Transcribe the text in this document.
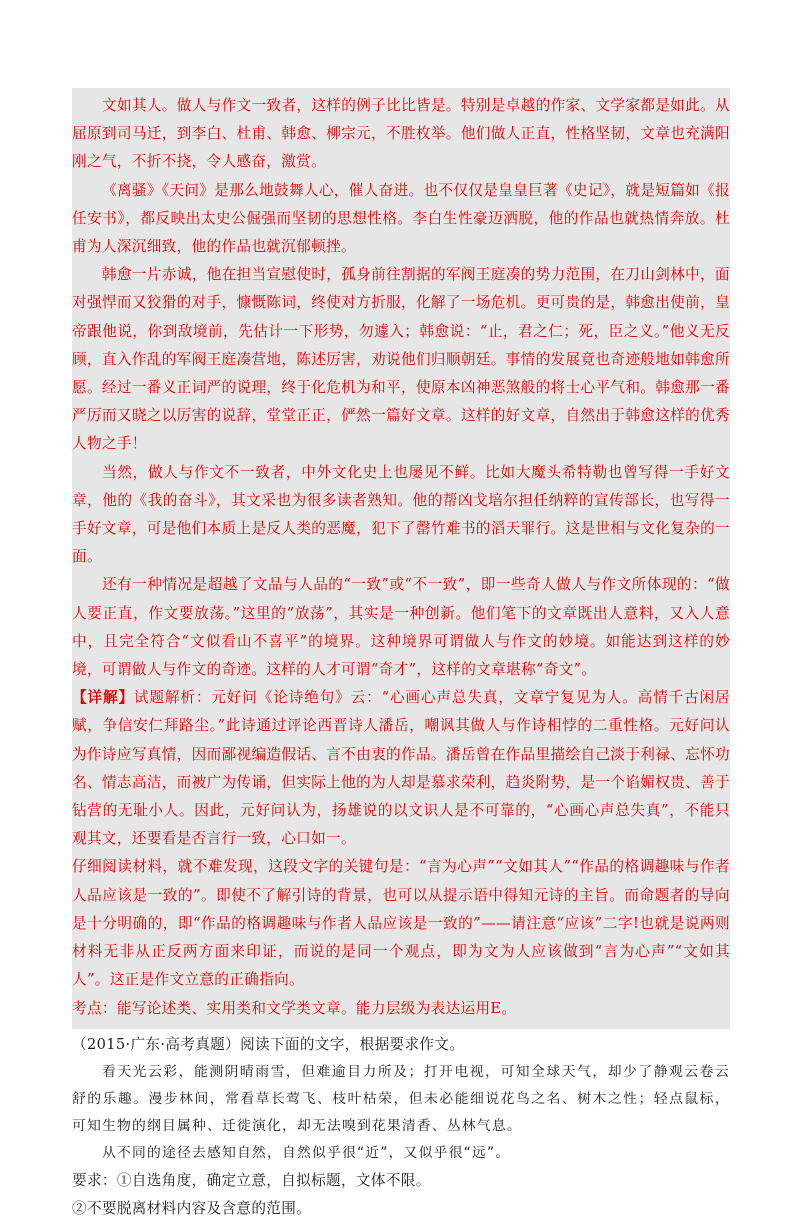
文如其人。做人与作文一致者，这样的例子比比皆是。特别是卓越的作家、文学家都是如此。从屈原到司马迁，到李白、杜甫、韩愈、柳宗元，不胜枚举。他们做人正直，性格坚韧，文章也充满阳刚之气，不折不挠，令人感奋，激赏。

《离骚》《天问》是那么地鼓舞人心，催人奋进。也不仅仅是皇皇巨著《史记》，就是短篇如《报任安书》，都反映出太史公倔强而坚韧的思想性格。李白生性豪迈洒脱，他的作品也就热情奔放。杜甫为人深沉细致，他的作品也就沉郁顿挫。

韩愈一片赤诚，他在担当宣慰使时，孤身前往割据的军阀王庭凑的势力范围，在刀山剑林中，面对强悍而又狡猾的对手，慷慨陈词，终使对方折服，化解了一场危机。更可贵的是，韩愈出使前，皇帝跟他说，你到敌境前，先估计一下形势，勿遽入；韩愈说：“止，君之仁；死，臣之义。”他义无反顾，直入作乱的军阀王庭凑营地，陈述厉害，劝说他们归顺朝廷。事情的发展竟也奇迹般地如韩愈所愿。经过一番义正词严的说理，终于化危机为和平，使原本凶神恶煞般的将士心平气和。韩愈那一番严厉而又晓之以厉害的说辞，堂堂正正，俨然一篇好文章。这样的好文章，自然出于韩愈这样的优秀人物之手！

当然，做人与作文不一致者，中外文化史上也屡见不鲜。比如大魔头希特勒也曾写得一手好文章，他的《我的奋斗》，其文采也为很多读者熟知。他的帮凶戈培尔担任纳粹的宣传部长，也写得一手好文章，可是他们本质上是反人类的恶魔，犯下了罄竹难书的滔天罪行。这是世相与文化复杂的一面。

还有一种情况是超越了文品与人品的“一致”或“不一致”，即一些奇人做人与作文所体现的：“做人要正直，作文要放荡。”这里的“放荡”，其实是一种创新。他们笔下的文章既出人意料，又入人意中，且完全符合“文似看山不喜平”的境界。这种境界可谓做人与作文的妙境。如能达到这样的妙境，可谓做人与作文的奇迹。这样的人才可谓“奇才”，这样的文章堪称“奇文”。

【详解】试题解析：元好问《论诗绝句》云：“心画心声总失真，文章宁复见为人。高情千古闲居赋，争信安仁拜路尘。”此诗通过评论西晋诗人潘岳，嘲讽其做人与作诗相悖的二重性格。元好问认为作诗应写真情，因而鄙视编造假话、言不由衷的作品。潘岳曾在作品里描绘自己淡于利禄、忘怀功名、情志高洁，而被广为传诵，但实际上他的为人却是慕求荣利，趋炎附势，是一个谄媚权贵、善于钻营的无耻小人。因此，元好问认为，扬雄说的以文识人是不可靠的，“心画心声总失真”，不能只观其文，还要看是否言行一致，心口如一。

仔细阅读材料，就不难发现，这段文字的关键句是：“言为心声”“文如其人”“作品的格调趣味与作者人品应该是一致的”。即使不了解引诗的背景，也可以从提示语中得知元诗的主旨。而命题者的导向是十分明确的，即“作品的格调趣味与作者人品应该是一致的”——请注意“应该”二字!也就是说两则材料无非从正反两方面来印证，而说的是同一个观点，即为文为人应该做到“言为心声”“文如其人”。这正是作文立意的正确指向。

考点：能写论述类、实用类和文学类文章。能力层级为表达运用E。

（2015·广东·高考真题）阅读下面的文字，根据要求作文。

看天光云彩，能测阴晴雨雪，但难逾目力所及；打开电视，可知全球天气，却少了静观云卷云舒的乐趣。漫步林间，常看草长莺飞、枝叶枯荣，但未必能细说花鸟之名、树木之性；轻点鼠标，可知生物的纲目属种、迁徙演化，却无法嗅到花果清香、丛林气息。

从不同的途径去感知自然，自然似乎很“近”，又似乎很“远”。

要求：①自选角度，确定立意，自拟标题，文体不限。

②不要脱离材料内容及含意的范围。
